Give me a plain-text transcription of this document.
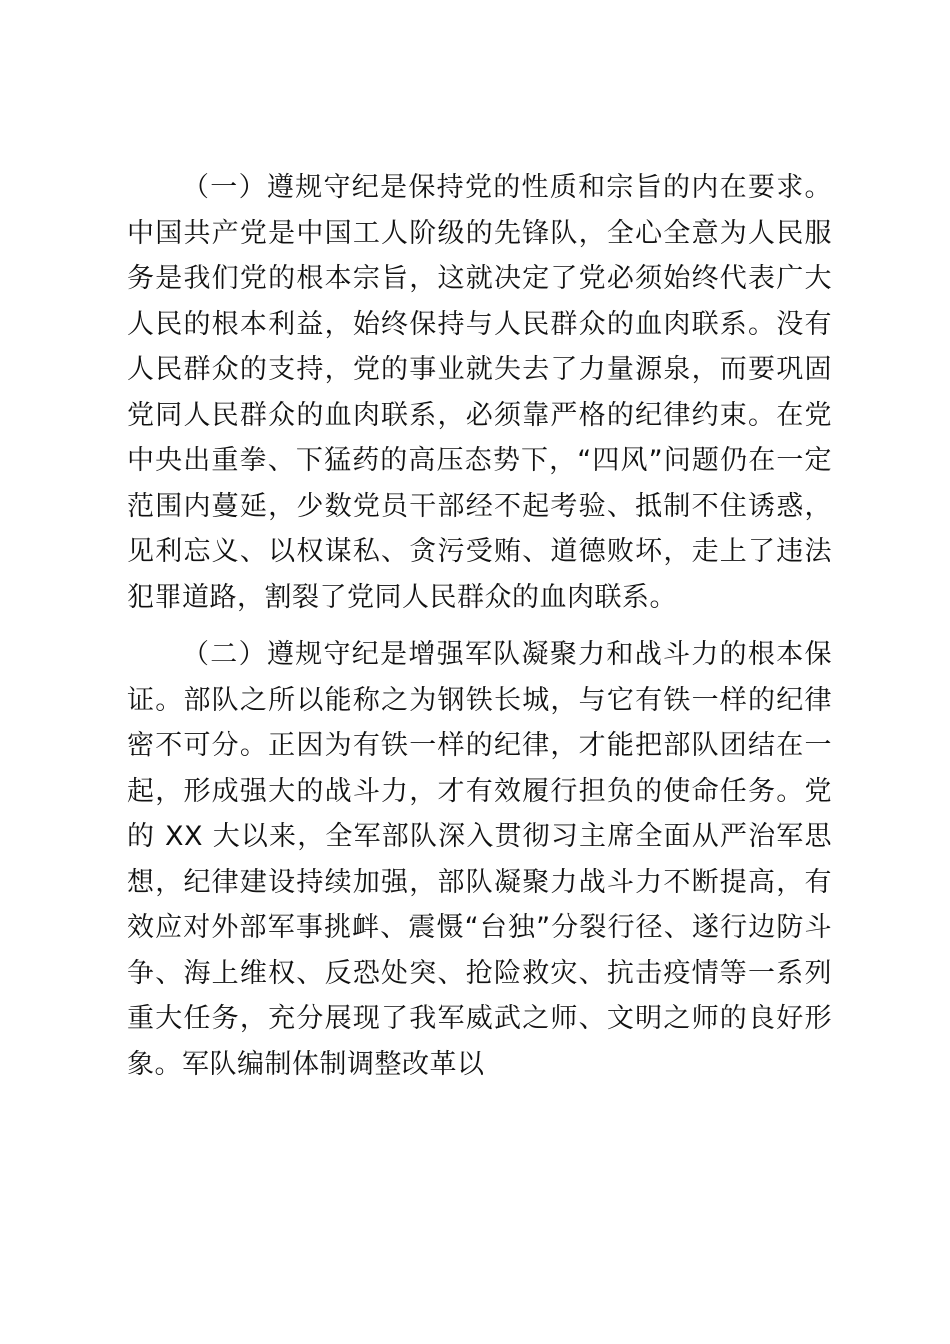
（一）遵规守纪是保持党的性质和宗旨的内在要求。中国共产党是中国工人阶级的先锋队，全心全意为人民服务是我们党的根本宗旨，这就决定了党必须始终代表广大人民的根本利益，始终保持与人民群众的血肉联系。没有人民群众的支持，党的事业就失去了力量源泉，而要巩固党同人民群众的血肉联系，必须靠严格的纪律约束。在党中央出重拳、下猛药的高压态势下，“四风”问题仍在一定范围内蔓延，少数党员干部经不起考验、抵制不住诱惑，见利忘义、以权谋私、贪污受贿、道德败坏，走上了违法犯罪道路，割裂了党同人民群众的血肉联系。

（二）遵规守纪是增强军队凝聚力和战斗力的根本保证。部队之所以能称之为钢铁长城，与它有铁一样的纪律密不可分。正因为有铁一样的纪律，才能把部队团结在一起，形成强大的战斗力，才有效履行担负的使命任务。党的 XX 大以来，全军部队深入贯彻习主席全面从严治军思想，纪律建设持续加强，部队凝聚力战斗力不断提高，有效应对外部军事挑衅、震慑“台独”分裂行径、遂行边防斗争、海上维权、反恐处突、抢险救灾、抗击疫情等一系列重大任务，充分展现了我军威武之师、文明之师的良好形象。军队编制体制调整改革以
